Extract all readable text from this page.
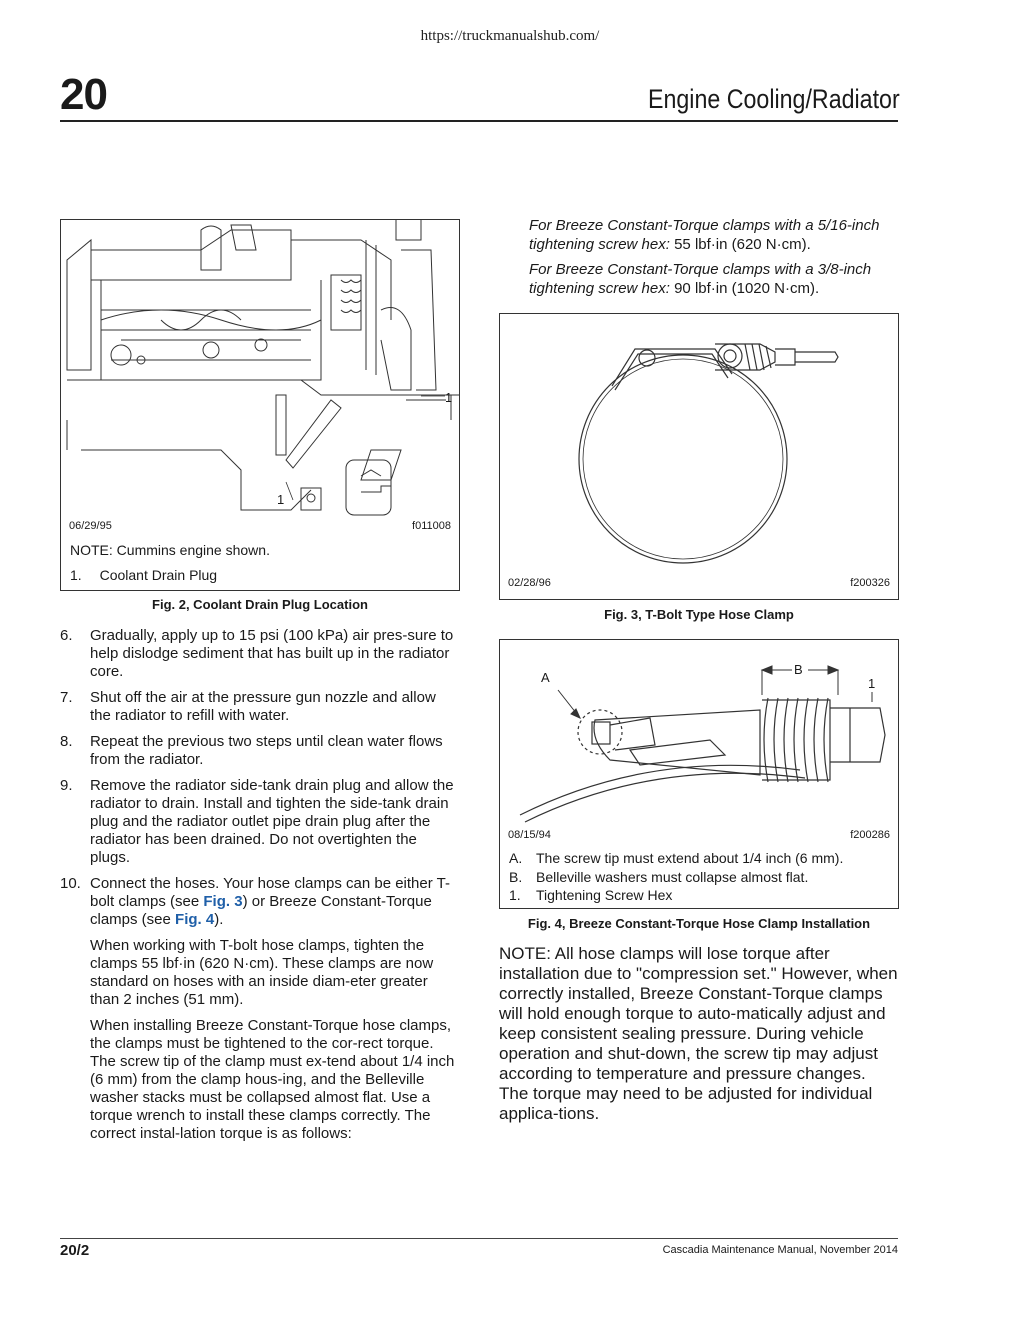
https://truckmanualshub.com/
20	Engine Cooling/Radiator
1
1
06/29/95	f011008
NOTE: Cummins engine shown.
1. Coolant Drain Plug
Fig. 2, Coolant Drain Plug Location
6.	Gradually, apply up to 15 psi (100 kPa) air pres-sure to help dislodge sediment that has built up in the radiator core.
7.	Shut off the air at the pressure gun nozzle and allow the radiator to refill with water.
8.	Repeat the previous two steps until clean water flows from the radiator.
9.	Remove the radiator side-tank drain plug and allow the radiator to drain. Install and tighten the side-tank drain plug and the radiator outlet pipe drain plug after the radiator has been drained. Do not overtighten the plugs.
10. Connect the hoses. Your hose clamps can be either T-bolt clamps (see Fig. 3) or Breeze Constant-Torque clamps (see Fig. 4).
When working with T-bolt hose clamps, tighten the clamps 55 lbf·in (620 N·cm). These clamps are now standard on hoses with an inside diam-eter greater than 2 inches (51 mm).
When installing Breeze Constant-Torque hose clamps, the clamps must be tightened to the cor-rect torque. The screw tip of the clamp must ex-tend about 1/4 inch (6 mm) from the clamp hous-ing, and the Belleville washer stacks must be collapsed almost flat. Use a torque wrench to install these clamps correctly. The correct instal-lation torque is as follows:

For Breeze Constant-Torque clamps with a 5/16-inch tightening screw hex: 55 lbf·in (620 N·cm).

For Breeze Constant-Torque clamps with a 3/8-inch tightening screw hex: 90 lbf·in (1020 N·cm).

02/28/96	f200326
Fig. 3, T-Bolt Type Hose Clamp
A
B
1
08/15/94	f200286
A. The screw tip must extend about 1/4 inch (6 mm).
B. Belleville washers must collapse almost flat.
1. Tightening Screw Hex
Fig. 4, Breeze Constant-Torque Hose Clamp Installation
NOTE: All hose clamps will lose torque after installation due to "compression set." However, when correctly installed, Breeze Constant-Torque clamps will hold enough torque to auto-matically adjust and keep consistent sealing pressure. During vehicle operation and shut-down, the screw tip may adjust according to temperature and pressure changes. The torque may need to be adjusted for individual applica-tions.
20/2	Cascadia Maintenance Manual, November 2014
